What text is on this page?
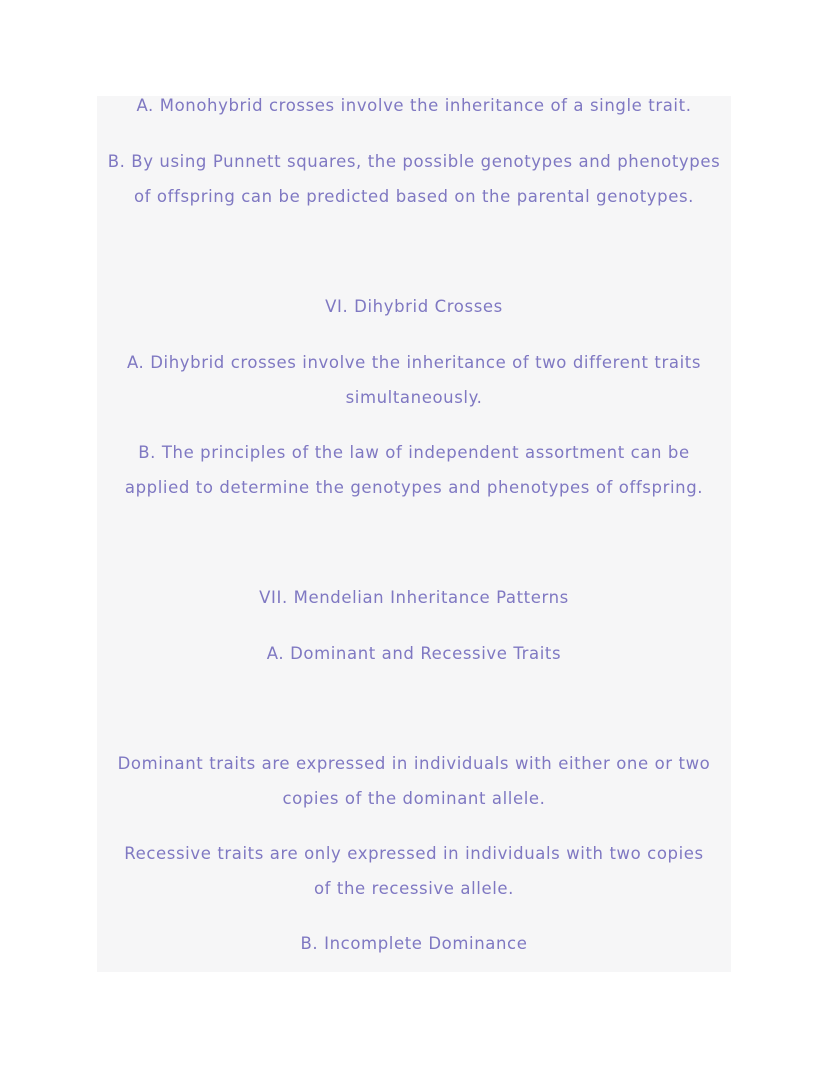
A. Monohybrid crosses involve the inheritance of a single trait.
B. By using Punnett squares, the possible genotypes and phenotypes
of offspring can be predicted based on the parental genotypes.
VI. Dihybrid Crosses
A. Dihybrid crosses involve the inheritance of two different traits
simultaneously.
B. The principles of the law of independent assortment can be
applied to determine the genotypes and phenotypes of offspring.
VII. Mendelian Inheritance Patterns
A. Dominant and Recessive Traits
Dominant traits are expressed in individuals with either one or two
copies of the dominant allele.
Recessive traits are only expressed in individuals with two copies
of the recessive allele.
B. Incomplete Dominance
